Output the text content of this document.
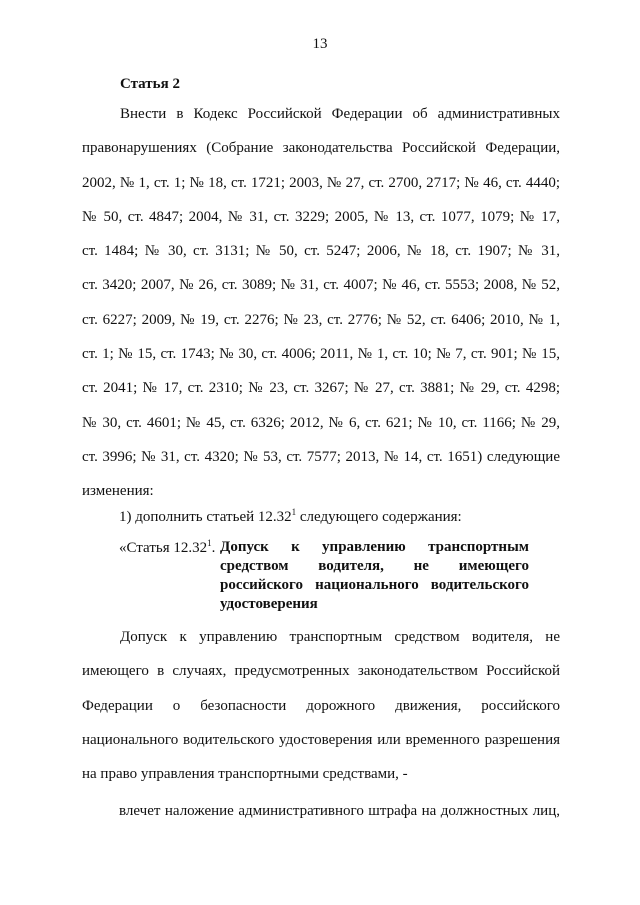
13
Статья 2
Внести в Кодекс Российской Федерации об административных
правонарушениях (Собрание законодательства Российской Федерации,
2002, № 1, ст. 1; № 18, ст. 1721; 2003, № 27, ст. 2700, 2717; № 46, ст. 4440;
№ 50, ст. 4847; 2004, № 31, ст. 3229; 2005, № 13, ст. 1077, 1079; № 17,
ст. 1484; № 30, ст. 3131; № 50, ст. 5247; 2006, № 18, ст. 1907; № 31,
ст. 3420; 2007, № 26, ст. 3089; № 31, ст. 4007; № 46, ст. 5553; 2008, № 52,
ст. 6227; 2009, № 19, ст. 2276; № 23, ст. 2776; № 52, ст. 6406; 2010, № 1,
ст. 1; № 15, ст. 1743; № 30, ст. 4006; 2011, № 1, ст. 10; № 7, ст. 901; № 15,
ст. 2041; № 17, ст. 2310; № 23, ст. 3267; № 27, ст. 3881; № 29, ст. 4298;
№ 30, ст. 4601; № 45, ст. 6326; 2012, № 6, ст. 621; № 10, ст. 1166; № 29,
ст. 3996; № 31, ст. 4320; № 53, ст. 7577; 2013, № 14, ст. 1651) следующие
изменения:
1) дополнить статьей 12.32$^1$ следующего содержания:
«Статья 12.32$^1$. Допуск к управлению транспортным
средством водителя, не имеющего
российского национального водительского
удостоверения
Допуск к управлению транспортным средством водителя, не
имеющего в случаях, предусмотренных законодательством Российской
Федерации о безопасности дорожного движения, российского
национального водительского удостоверения или временного разрешения
на право управления транспортными средствами, -
влечет наложение административного штрафа на должностных лиц,
